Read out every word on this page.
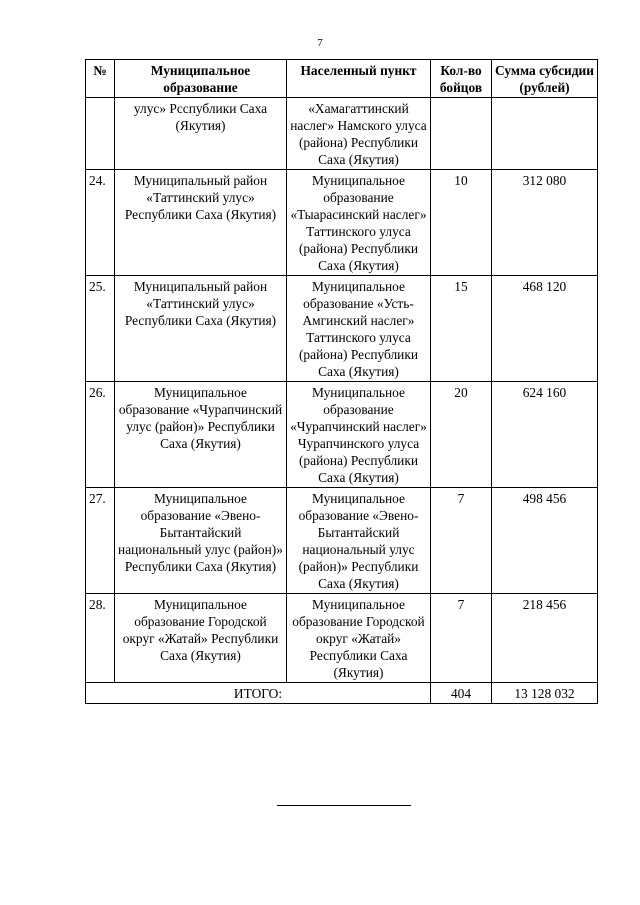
7
№	Муниципальное образование	Населенный пункт	Кол-во бойцов	Сумма субсидии (рублей)
	улус» Рсспублики Саха (Якутия)	«Хамагаттинский наслег» Намского улуса (района) Республики Саха (Якутия)		
24.	Муниципальный район «Таттинский улус» Республики Саха (Якутия)	Муниципальное образование «Тыарасинский наслег» Таттинского улуса (района) Республики Саха (Якутия)	10	312 080
25.	Муниципальный район «Таттинский улус» Республики Саха (Якутия)	Муниципальное образование «Усть-Амгинский наслег» Таттинского улуса (района) Республики Саха (Якутия)	15	468 120
26.	Муниципальное образование «Чурапчинский улус (район)» Республики Саха (Якутия)	Муниципальное образование «Чурапчинский наслег» Чурапчинского улуса (района) Республики Саха (Якутия)	20	624 160
27.	Муниципальное образование «Эвено-Бытантайский национальный улус (район)» Республики Саха (Якутия)	Муниципальное образование «Эвено-Бытантайский национальный улус (район)» Республики Саха (Якутия)	7	498 456
28.	Муниципальное образование Городской округ «Жатай» Республики Саха (Якутия)	Муниципальное образование Городской округ «Жатай» Республики Саха (Якутия)	7	218 456
ИТОГО:			404	13 128 032
